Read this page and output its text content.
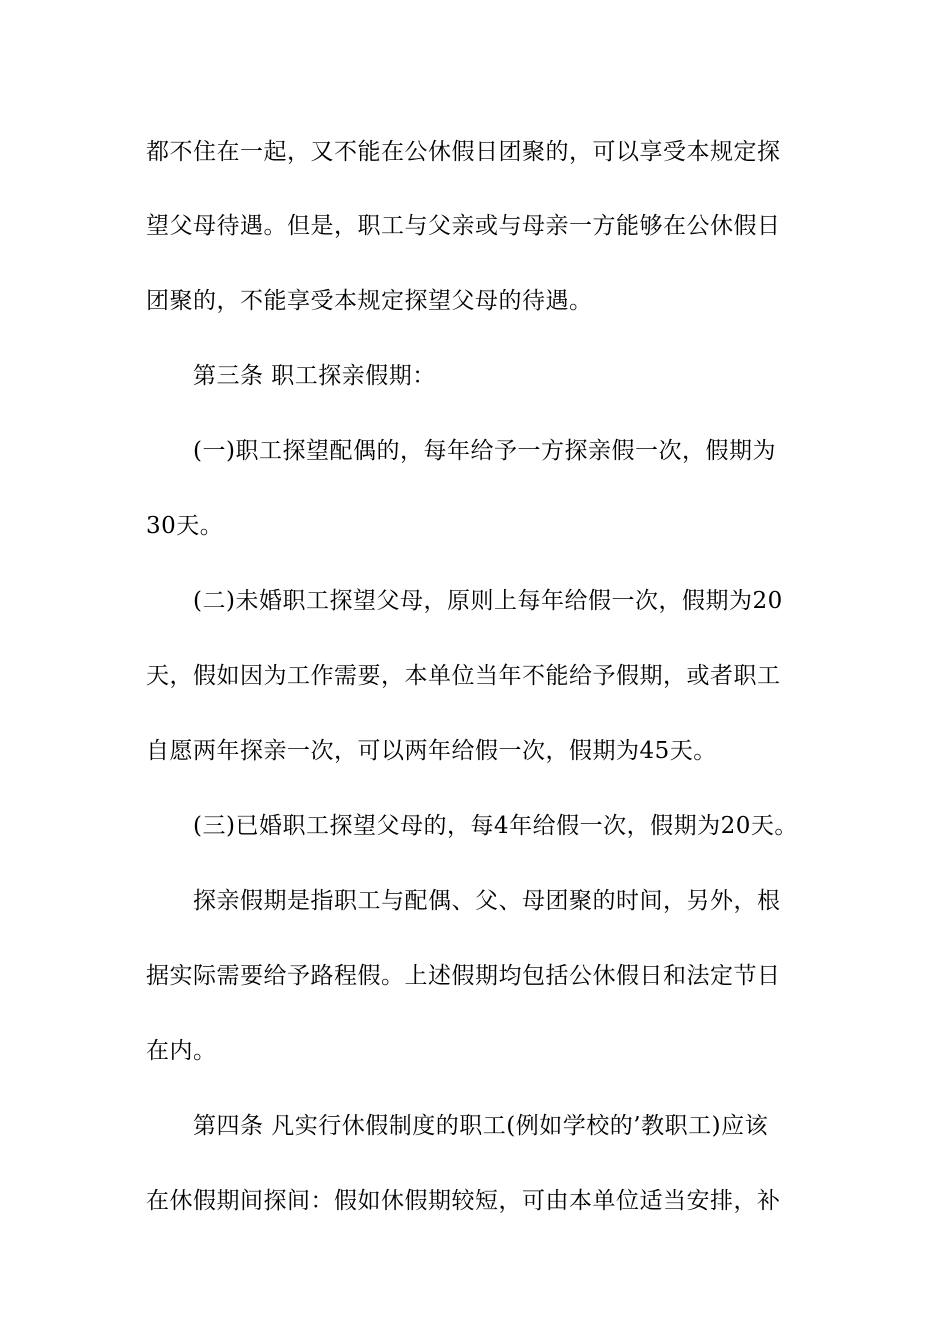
都不住在一起，又不能在公休假日团聚的，可以享受本规定探
望父母待遇。但是，职工与父亲或与母亲一方能够在公休假日
团聚的，不能享受本规定探望父母的待遇。
第三条 职工探亲假期：
(一)职工探望配偶的，每年给予一方探亲假一次，假期为
30天。
(二)未婚职工探望父母，原则上每年给假一次，假期为20
天，假如因为工作需要，本单位当年不能给予假期，或者职工
自愿两年探亲一次，可以两年给假一次，假期为45天。
(三)已婚职工探望父母的，每4年给假一次，假期为20天。
探亲假期是指职工与配偶、父、母团聚的时间，另外，根
据实际需要给予路程假。上述假期均包括公休假日和法定节日
在内。
第四条 凡实行休假制度的职工(例如学校的’教职工)应该
在休假期间探间：假如休假期较短，可由本单位适当安排，补
